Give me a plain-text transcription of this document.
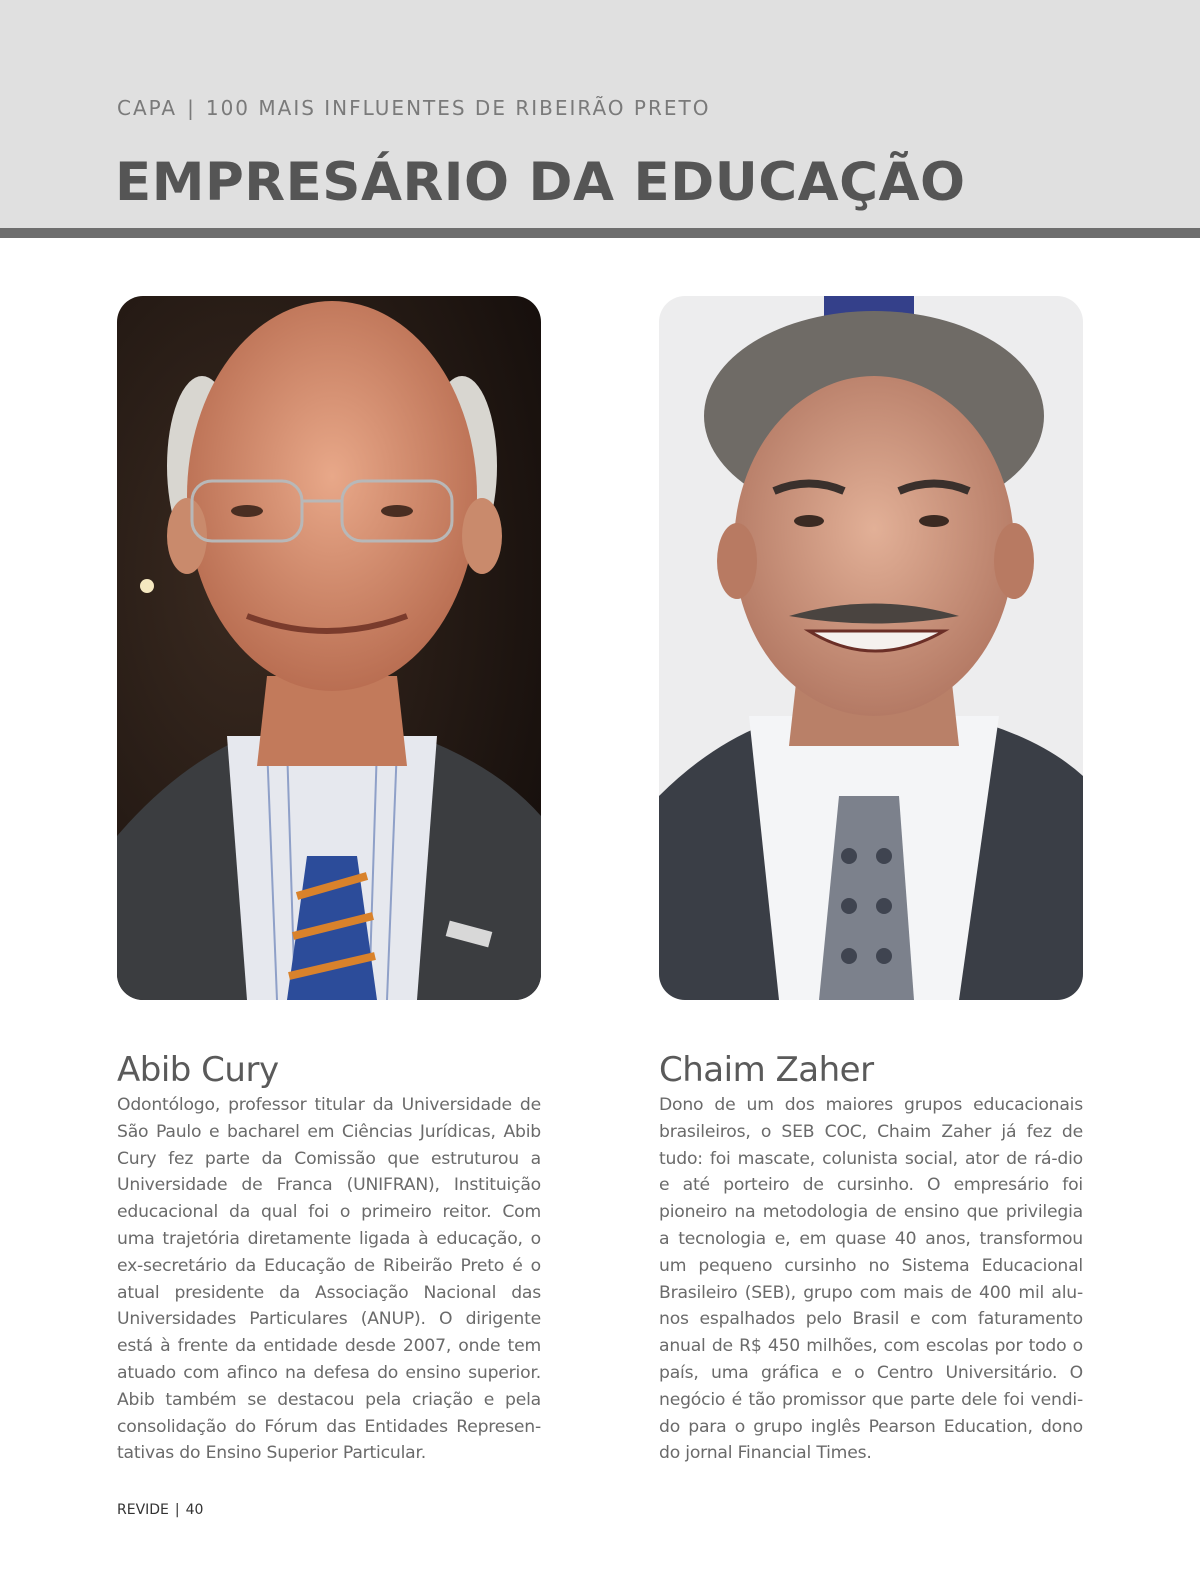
CAPA | 100 MAIS INFLUENTES DE RIBEIRÃO PRETO
EMPRESÁRIO DA EDUCAÇÃO
Abib Cury

Odontólogo, professor titular da Universidade de São Paulo e bacharel em Ciências Jurídicas, Abib Cury fez parte da Comissão que estruturou a Universidade de Franca (UNIFRAN), Instituição educacional da qual foi o primeiro reitor. Com uma trajetória diretamente ligada à educação, o ex-secretário da Educação de Ribeirão Preto é o atual presidente da Associação Nacional das Universidades Particulares (ANUP). O dirigente está à frente da entidade desde 2007, onde tem atuado com afinco na defesa do ensino superior. Abib também se destacou pela criação e pela consolidação do Fórum das Entidades Represen-tativas do Ensino Superior Particular.

Chaim Zaher

Dono de um dos maiores grupos educacionais brasileiros, o SEB COC, Chaim Zaher já fez de tudo: foi mascate, colunista social, ator de rá-dio e até porteiro de cursinho. O empresário foi pioneiro na metodologia de ensino que privilegia a tecnologia e, em quase 40 anos, transformou um pequeno cursinho no Sistema Educacional Brasileiro (SEB), grupo com mais de 400 mil alu-nos espalhados pelo Brasil e com faturamento anual de R$ 450 milhões, com escolas por todo o país, uma gráfica e o Centro Universitário. O negócio é tão promissor que parte dele foi vendi-do para o grupo inglês Pearson Education, dono do jornal Financial Times.

REVIDE | 40
